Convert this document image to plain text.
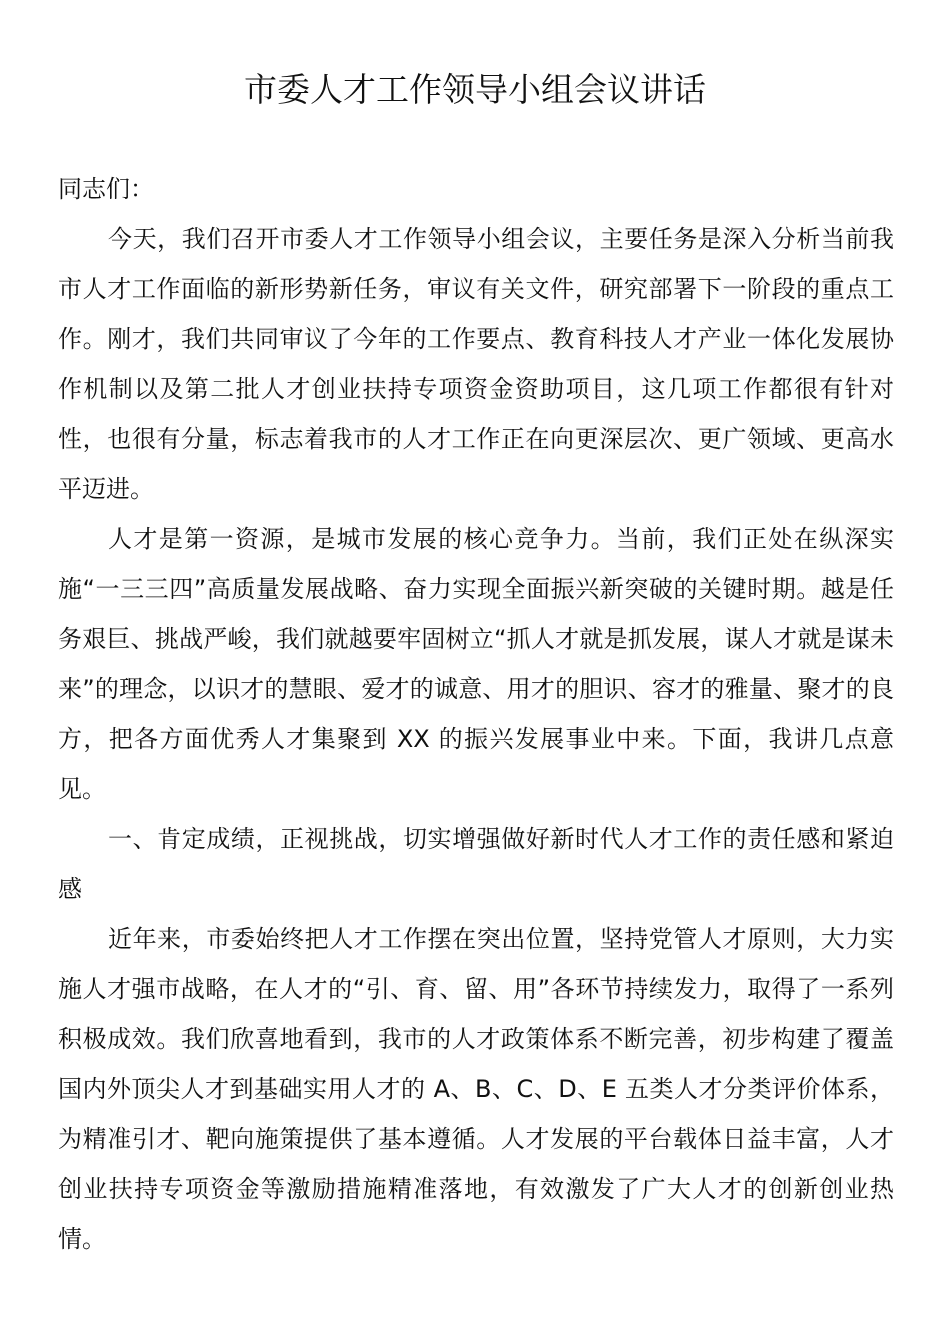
市委人才工作领导小组会议讲话

同志们：

今天，我们召开市委人才工作领导小组会议，主要任务是深入分析当前我市人才工作面临的新形势新任务，审议有关文件，研究部署下一阶段的重点工作。刚才，我们共同审议了今年的工作要点、教育科技人才产业一体化发展协作机制以及第二批人才创业扶持专项资金资助项目，这几项工作都很有针对性，也很有分量，标志着我市的人才工作正在向更深层次、更广领域、更高水平迈进。

人才是第一资源，是城市发展的核心竞争力。当前，我们正处在纵深实施“一三三四”高质量发展战略、奋力实现全面振兴新突破的关键时期。越是任务艰巨、挑战严峻，我们就越要牢固树立“抓人才就是抓发展，谋人才就是谋未来”的理念，以识才的慧眼、爱才的诚意、用才的胆识、容才的雅量、聚才的良方，把各方面优秀人才集聚到 XX 的振兴发展事业中来。下面，我讲几点意见。

一、肯定成绩，正视挑战，切实增强做好新时代人才工作的责任感和紧迫感

近年来，市委始终把人才工作摆在突出位置，坚持党管人才原则，大力实施人才强市战略，在人才的“引、育、留、用”各环节持续发力，取得了一系列积极成效。我们欣喜地看到，我市的人才政策体系不断完善，初步构建了覆盖国内外顶尖人才到基础实用人才的 A、B、C、D、E 五类人才分类评价体系，为精准引才、靶向施策提供了基本遵循。人才发展的平台载体日益丰富，人才创业扶持专项资金等激励措施精准落地，有效激发了广大人才的创新创业热情。
